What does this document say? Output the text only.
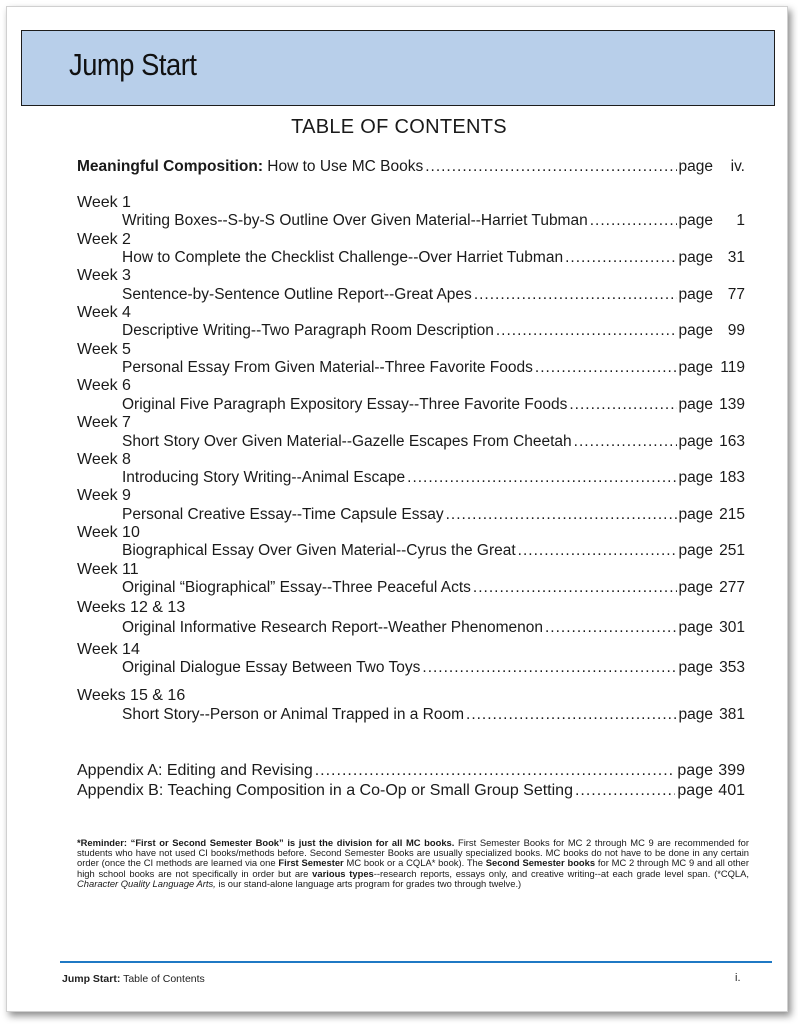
Jump Start
TABLE OF CONTENTS
Meaningful Composition: How to Use MC Books .....	page	iv.
Week 1
Writing Boxes--S-by-S Outline Over Given Material--Harriet Tubman .....	page	1
Week 2
How to Complete the Checklist Challenge--Over Harriet Tubman .....	page 31
Week 3
Sentence-by-Sentence Outline Report--Great Apes .....	page 77
Week 4
Descriptive Writing--Two Paragraph Room Description .....	page 99
Week 5
Personal Essay From Given Material--Three Favorite Foods .....	page 119
Week 6
Original Five Paragraph Expository Essay--Three Favorite Foods .....	page 139
Week 7
Short Story Over Given Material--Gazelle Escapes From Cheetah .....	page 163
Week 8
Introducing Story Writing--Animal Escape .....	page 183
Week 9
Personal Creative Essay--Time Capsule Essay .....	page 215
Week 10
Biographical Essay Over Given Material--Cyrus the Great .....	page 251
Week 11
Original “Biographical” Essay--Three Peaceful Acts .....	page 277
Weeks 12 & 13
Original Informative Research Report--Weather Phenomenon .....	page 301
Week 14
Original Dialogue Essay Between Two Toys .....	page 353
Weeks 15 & 16
Short Story--Person or Animal Trapped in a Room .....	page 381
Appendix A: Editing and Revising .....	page 399
Appendix B: Teaching Composition in a Co-Op or Small Group Setting .....	page 401
*Reminder: “First or Second Semester Book” is just the division for all MC books. First Semester Books for MC 2 through MC 9 are recommended for students who have not used CI books/methods before. Second Semester Books are usually specialized books. MC books do not have to be done in any certain order (once the CI methods are learned via one First Semester MC book or a CQLA* book). The Second Semester books for MC 2 through MC 9 and all other high school books are not specifically in order but are various types--research reports, essays only, and creative writing--at each grade level span. (*CQLA, Character Quality Language Arts, is our stand-alone language arts program for grades two through twelve.)
Jump Start: Table of Contents	i.
